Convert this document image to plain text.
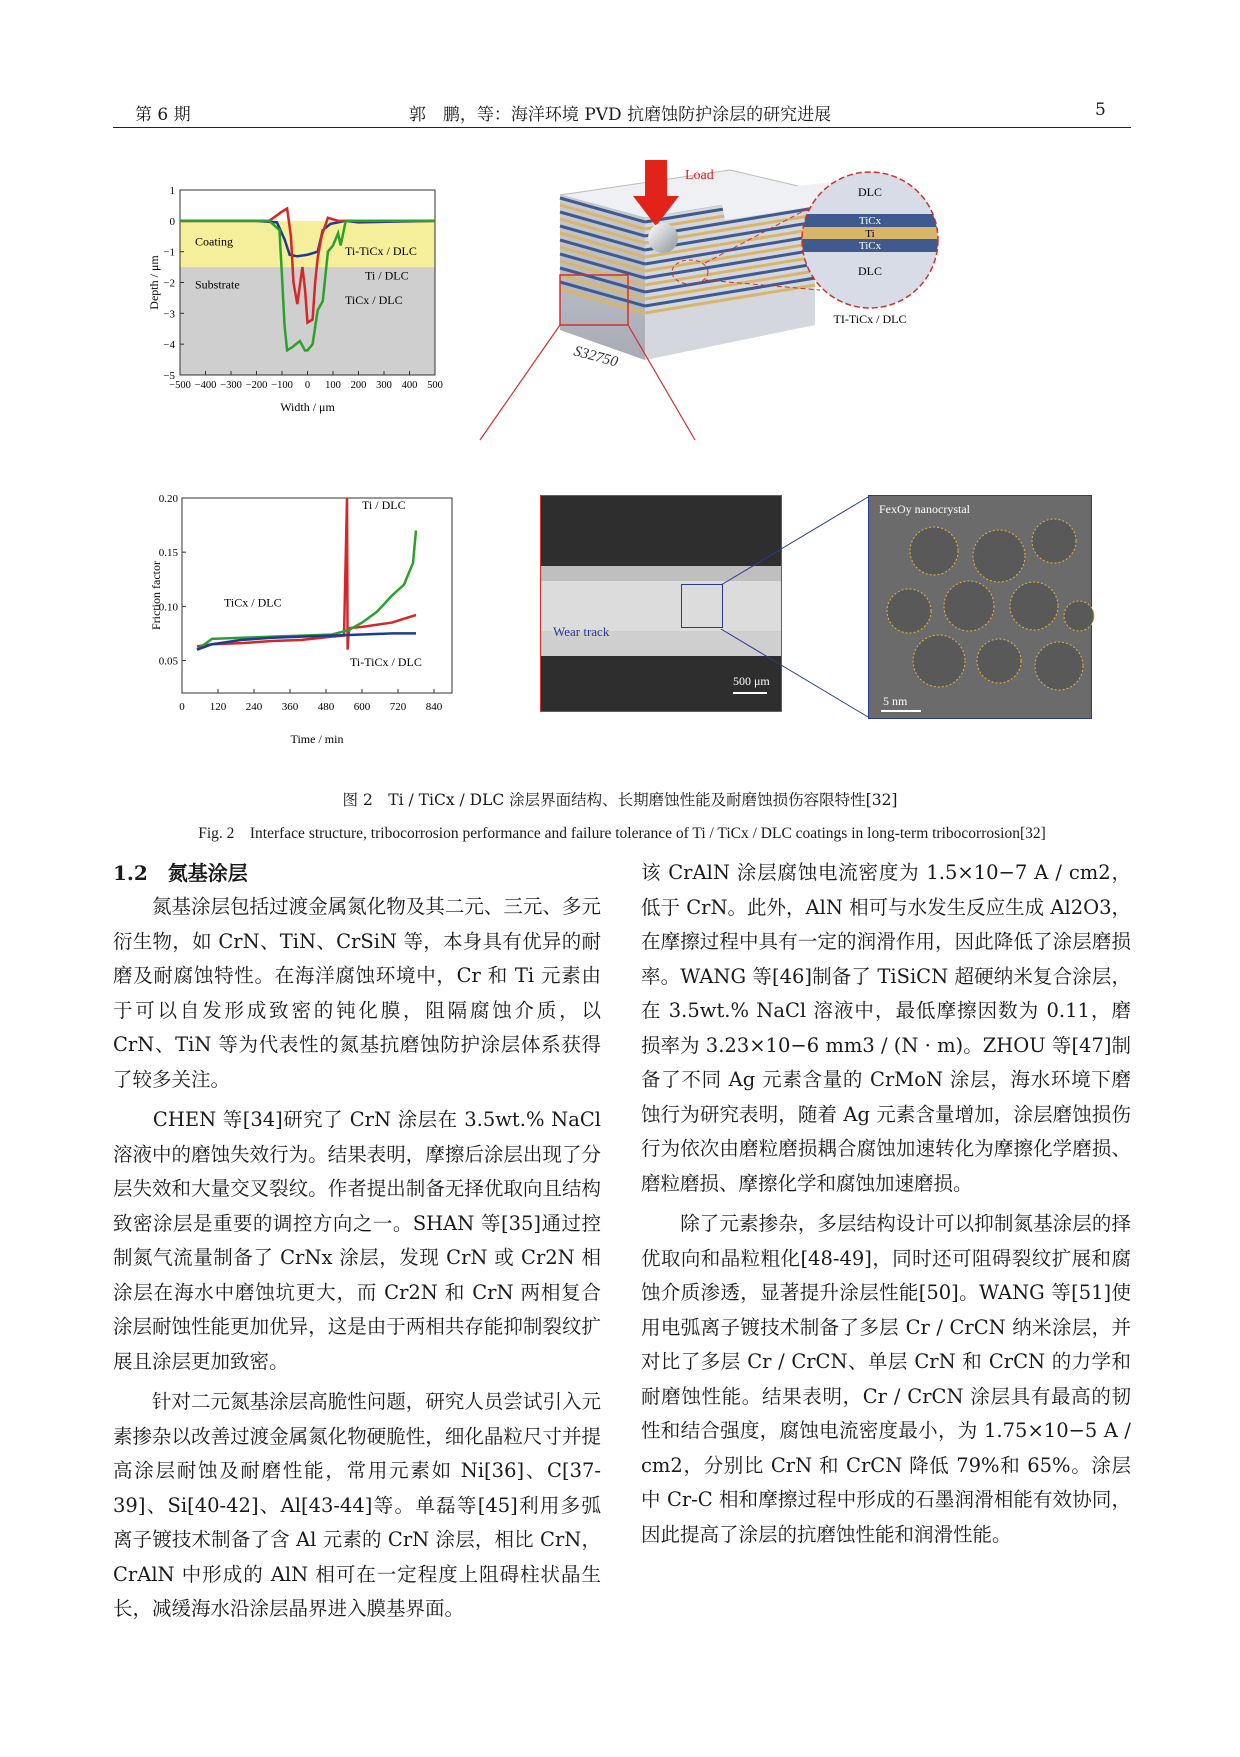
第 6 期	郭　鹏，等：海洋环境 PVD 抗磨蚀防护涂层的研究进展	5
1
0
−1
−2
−3
−4
−5
−500 −400 −300 −200 −100 0 100 200 300 400 500
Coating
Substrate
Ti-TiCx / DLC
Ti / DLC
TiCx / DLC
Width / μm
Depth / μm
Load
S32750
DLC
TiCx
Ti
TiCx
DLC
TI-TiCx / DLC
0.05
0.10
0.15
0.20
0 120 240 360 480 600 720 840
Ti / DLC
TiCx / DLC
Ti-TiCx / DLC
Time / min
Friction factor
Wear track
500 μm
FexOy nanocrystal
5 nm
图 2　Ti / TiCx / DLC 涂层界面结构、长期磨蚀性能及耐磨蚀损伤容限特性[32]
Fig. 2　Interface structure, tribocorrosion performance and failure tolerance of Ti / TiCx / DLC coatings in long-term tribocorrosion[32]
1.2　氮基涂层

　　氮基涂层包括过渡金属氮化物及其二元、三元、多元衍生物，如 CrN、TiN、CrSiN 等，本身具有优异的耐磨及耐腐蚀特性。在海洋腐蚀环境中，Cr 和 Ti 元素由于可以自发形成致密的钝化膜，阻隔腐蚀介质，以 CrN、TiN 等为代表性的氮基抗磨蚀防护涂层体系获得了较多关注。

　　CHEN 等[34]研究了 CrN 涂层在 3.5wt.% NaCl 溶液中的磨蚀失效行为。结果表明，摩擦后涂层出现了分层失效和大量交叉裂纹。作者提出制备无择优取向且结构致密涂层是重要的调控方向之一。SHAN 等[35]通过控制氮气流量制备了 CrNx 涂层，发现 CrN 或 Cr2N 相涂层在海水中磨蚀坑更大，而 Cr2N 和 CrN 两相复合涂层耐蚀性能更加优异，这是由于两相共存能抑制裂纹扩展且涂层更加致密。

　　针对二元氮基涂层高脆性问题，研究人员尝试引入元素掺杂以改善过渡金属氮化物硬脆性，细化晶粒尺寸并提高涂层耐蚀及耐磨性能，常用元素如 Ni[36]、C[37-39]、Si[40-42]、Al[43-44]等。单磊等[45]利用多弧离子镀技术制备了含 Al 元素的 CrN 涂层，相比 CrN，CrAlN 中形成的 AlN 相可在一定程度上阻碍柱状晶生长，减缓海水沿涂层晶界进入膜基界面。

该 CrAlN 涂层腐蚀电流密度为 1.5×10−7 A / cm2，低于 CrN。此外，AlN 相可与水发生反应生成 Al2O3，在摩擦过程中具有一定的润滑作用，因此降低了涂层磨损率。WANG 等[46]制备了 TiSiCN 超硬纳米复合涂层，在 3.5wt.% NaCl 溶液中，最低摩擦因数为 0.11，磨损率为 3.23×10−6 mm3 / (N · m)。ZHOU 等[47]制备了不同 Ag 元素含量的 CrMoN 涂层，海水环境下磨蚀行为研究表明，随着 Ag 元素含量增加，涂层磨蚀损伤行为依次由磨粒磨损耦合腐蚀加速转化为摩擦化学磨损、磨粒磨损、摩擦化学和腐蚀加速磨损。

　　除了元素掺杂，多层结构设计可以抑制氮基涂层的择优取向和晶粒粗化[48-49]，同时还可阻碍裂纹扩展和腐蚀介质渗透，显著提升涂层性能[50]。WANG 等[51]使用电弧离子镀技术制备了多层 Cr / CrCN 纳米涂层，并对比了多层 Cr / CrCN、单层 CrN 和 CrCN 的力学和耐磨蚀性能。结果表明，Cr / CrCN 涂层具有最高的韧性和结合强度，腐蚀电流密度最小，为 1.75×10−5 A / cm2，分别比 CrN 和 CrCN 降低 79%和 65%。涂层中 Cr-C 相和摩擦过程中形成的石墨润滑相能有效协同，因此提高了涂层的抗磨蚀性能和润滑性能。
